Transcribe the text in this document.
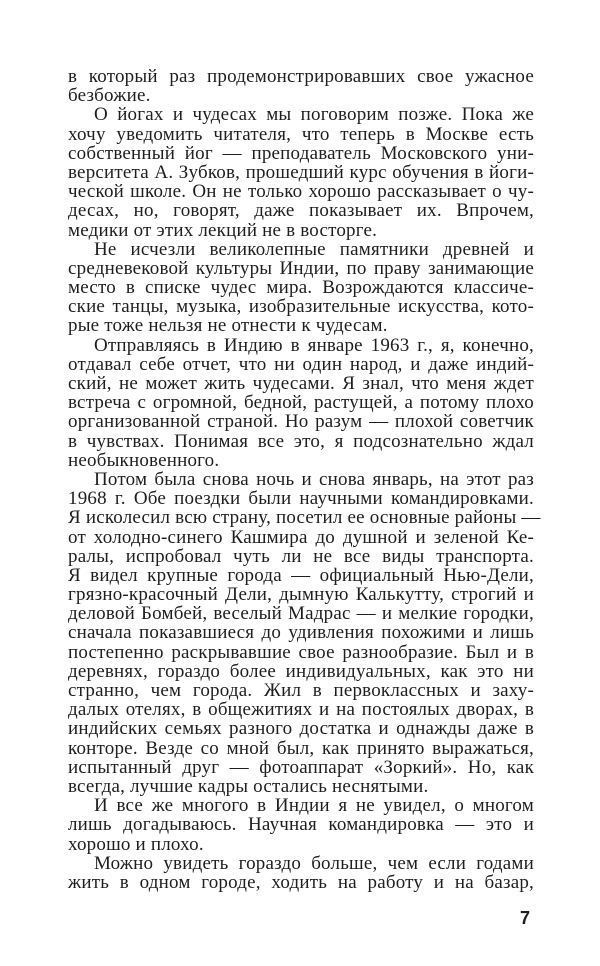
в который раз продемонстрировавших свое ужасное
безбожие.
О йогах и чудесах мы поговорим позже. Пока же
хочу уведомить читателя, что теперь в Москве есть
собственный йог — преподаватель Московского уни-
верситета А. Зубков, прошедший курс обучения в йоги-
ческой школе. Он не только хорошо рассказывает о чу-
десах, но, говорят, даже показывает их. Впрочем,
медики от этих лекций не в восторге.
Не исчезли великолепные памятники древней и
средневековой культуры Индии, по праву занимающие
место в списке чудес мира. Возрождаются классиче-
ские танцы, музыка, изобразительные искусства, кото-
рые тоже нельзя не отнести к чудесам.
Отправляясь в Индию в январе 1963 г., я, конечно,
отдавал себе отчет, что ни один народ, и даже индий-
ский, не может жить чудесами. Я знал, что меня ждет
встреча с огромной, бедной, растущей, а потому плохо
организованной страной. Но разум — плохой советчик
в чувствах. Понимая все это, я подсознательно ждал
необыкновенного.
Потом была снова ночь и снова январь, на этот раз
1968 г. Обе поездки были научными командировками.
Я исколесил всю страну, посетил ее основные районы —
от холодно-синего Кашмира до душной и зеленой Ке-
ралы, испробовал чуть ли не все виды транспорта.
Я видел крупные города — официальный Нью-Дели,
грязно-красочный Дели, дымную Калькутту, строгий и
деловой Бомбей, веселый Мадрас — и мелкие городки,
сначала показавшиеся до удивления похожими и лишь
постепенно раскрывавшие свое разнообразие. Был и в
деревнях, гораздо более индивидуальных, как это ни
странно, чем города. Жил в первоклассных и заху-
далых отелях, в общежитиях и на постоялых дворах, в
индийских семьях разного достатка и однажды даже в
конторе. Везде со мной был, как принято выражаться,
испытанный друг — фотоаппарат «Зоркий». Но, как
всегда, лучшие кадры остались неснятыми.
И все же многого в Индии я не увидел, о многом
лишь догадываюсь. Научная командировка — это и
хорошо и плохо.
Можно увидеть гораздо больше, чем если годами
жить в одном городе, ходить на работу и на базар,
7
